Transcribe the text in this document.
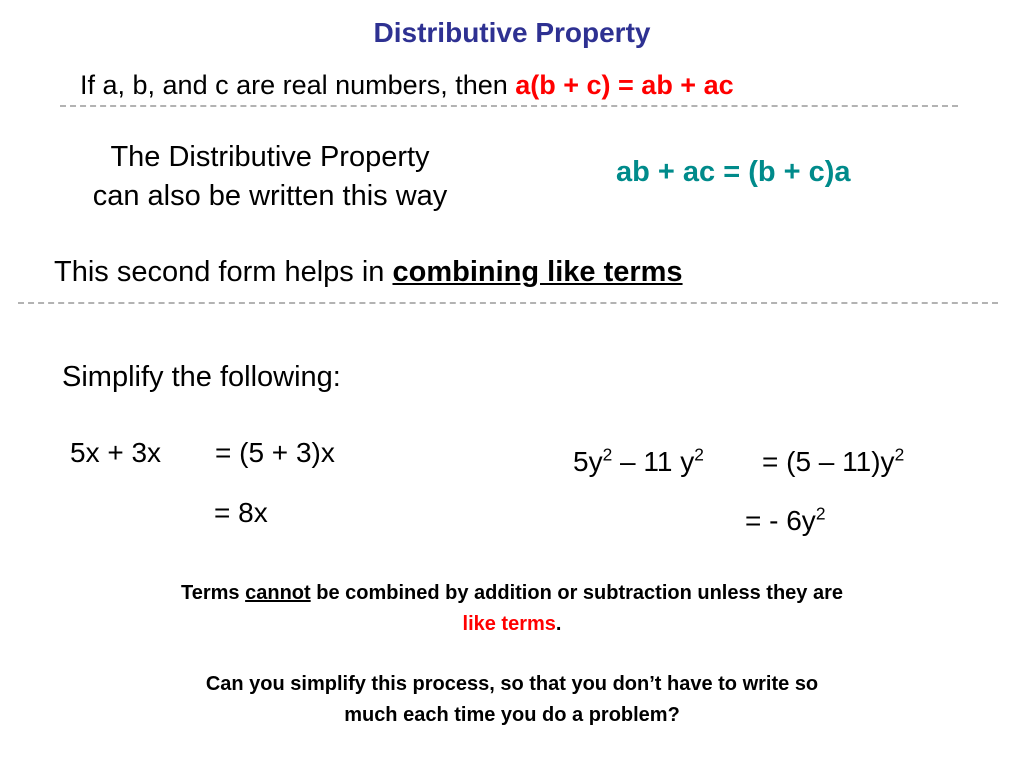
Distributive Property
If a, b, and c are real numbers, then a(b + c) = ab + ac
The Distributive Property
can also be written this way
ab + ac = (b + c)a
This second form helps in combining like terms
Simplify the following:
5x + 3x = (5 + 3)x
= 8x
$5y^2 - 11$ $y^2 = (5 - 11)y^2$
= - $6y^2$
Terms cannot be combined by addition or subtraction unless they are
like terms.
Can you simplify this process, so that you don’t have to write so
much each time you do a problem?
